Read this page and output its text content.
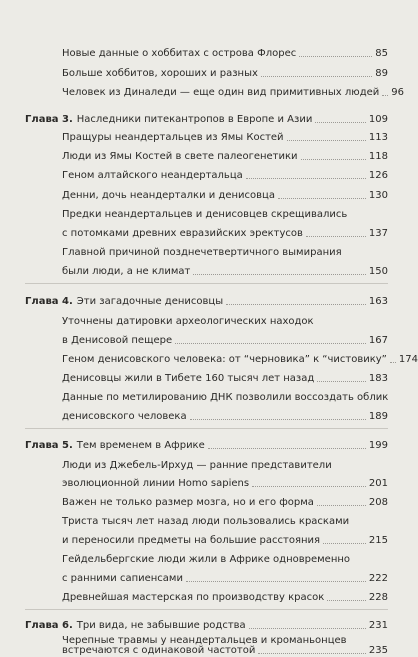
Новые данные о хоббитах с острова Флорес	85
Больше хоббитов, хороших и разных	89
Человек из Диналеди — еще один вид примитивных людей 96
Глава 3. Наследники питекантропов в Европе и Азии	109
Пращуры неандертальцев из Ямы Костей	113
Люди из Ямы Костей в свете палеогенетики	118
Геном алтайского неандертальца	126
Денни, дочь неандерталки и денисовца	130
Предки неандертальцев и денисовцев скрещивались
с потомками древних евразийских эректусов	137
Главной причиной позднечетвертичного вымирания
были люди, а не климат	150
Глава 4. Эти загадочные денисовцы	163
Уточнены датировки археологических находок
в Денисовой пещере	167
Геном денисовского человека: от “черновика” к “чистовику” 174
Денисовцы жили в Тибете 160 тысяч лет назад	183
Данные по метилированию ДНК позволили воссоздать облик
денисовского человека	189
Глава 5. Тем временем в Африке	199
Люди из Джебель-Ирхуд — ранние представители
эволюционной линии Homo sapiens	201
Важен не только размер мозга, но и его форма	208
Триста тысяч лет назад люди пользовались красками
и переносили предметы на большие расстояния	215
Гейдельбергские люди жили в Африке одновременно
с ранними сапиенсами	222
Древнейшая мастерская по производству красок	228
Глава 6. Три вида, не забывшие родства	231
Черепные травмы у неандертальцев и кроманьонцев
встречаются с одинаковой частотой	235
